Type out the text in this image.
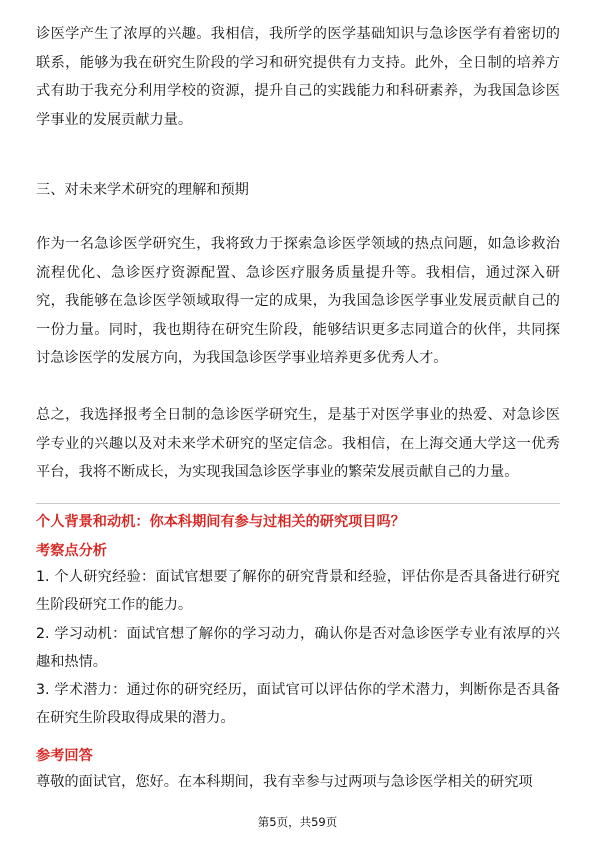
诊医学产生了浓厚的兴趣。我相信，我所学的医学基础知识与急诊医学有着密切的联系，能够为我在研究生阶段的学习和研究提供有力支持。此外，全日制的培养方式有助于我充分利用学校的资源，提升自己的实践能力和科研素养，为我国急诊医学事业的发展贡献力量。

三、对未来学术研究的理解和预期

作为一名急诊医学研究生，我将致力于探索急诊医学领域的热点问题，如急诊救治流程优化、急诊医疗资源配置、急诊医疗服务质量提升等。我相信，通过深入研究，我能够在急诊医学领域取得一定的成果，为我国急诊医学事业发展贡献自己的一份力量。同时，我也期待在研究生阶段，能够结识更多志同道合的伙伴，共同探讨急诊医学的发展方向，为我国急诊医学事业培养更多优秀人才。

总之，我选择报考全日制的急诊医学研究生，是基于对医学事业的热爱、对急诊医学专业的兴趣以及对未来学术研究的坚定信念。我相信，在上海交通大学这一优秀平台，我将不断成长，为实现我国急诊医学事业的繁荣发展贡献自己的力量。

个人背景和动机：你本科期间有参与过相关的研究项目吗？

考察点分析

1. 个人研究经验：面试官想要了解你的研究背景和经验，评估你是否具备进行研究生阶段研究工作的能力。

2. 学习动机：面试官想了解你的学习动力，确认你是否对急诊医学专业有浓厚的兴趣和热情。

3. 学术潜力：通过你的研究经历，面试官可以评估你的学术潜力，判断你是否具备在研究生阶段取得成果的潜力。

参考回答

尊敬的面试官，您好。在本科期间，我有幸参与过两项与急诊医学相关的研究项

第5页，共59页
